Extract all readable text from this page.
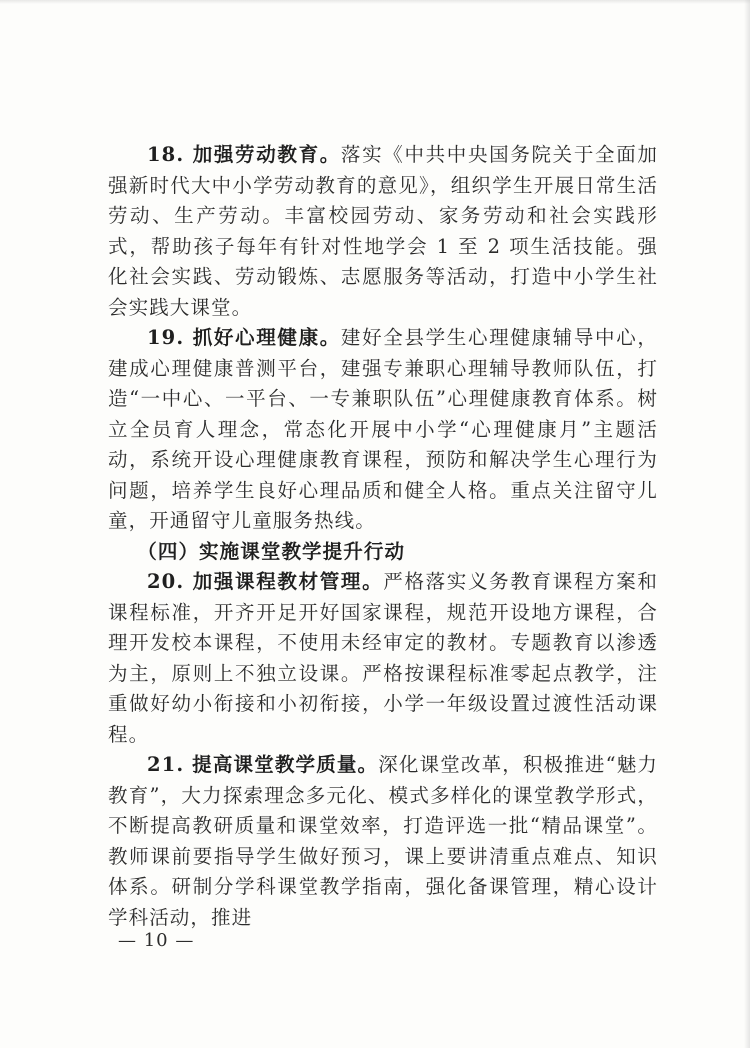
18. 加强劳动教育。落实《中共中央国务院关于全面加强新时代大中小学劳动教育的意见》，组织学生开展日常生活劳动、生产劳动。丰富校园劳动、家务劳动和社会实践形式，帮助孩子每年有针对性地学会 1 至 2 项生活技能。强化社会实践、劳动锻炼、志愿服务等活动，打造中小学生社会实践大课堂。

19. 抓好心理健康。建好全县学生心理健康辅导中心，建成心理健康普测平台，建强专兼职心理辅导教师队伍，打造“一中心、一平台、一专兼职队伍”心理健康教育体系。树立全员育人理念，常态化开展中小学“心理健康月”主题活动，系统开设心理健康教育课程，预防和解决学生心理行为问题，培养学生良好心理品质和健全人格。重点关注留守儿童，开通留守儿童服务热线。

（四）实施课堂教学提升行动

20. 加强课程教材管理。严格落实义务教育课程方案和课程标准，开齐开足开好国家课程，规范开设地方课程，合理开发校本课程，不使用未经审定的教材。专题教育以渗透为主，原则上不独立设课。严格按课程标准零起点教学，注重做好幼小衔接和小初衔接，小学一年级设置过渡性活动课程。

21. 提高课堂教学质量。深化课堂改革，积极推进“魅力教育”，大力探索理念多元化、模式多样化的课堂教学形式，不断提高教研质量和课堂效率，打造评选一批“精品课堂”。教师课前要指导学生做好预习，课上要讲清重点难点、知识体系。研制分学科课堂教学指南，强化备课管理，精心设计学科活动，推进

— 10 —
